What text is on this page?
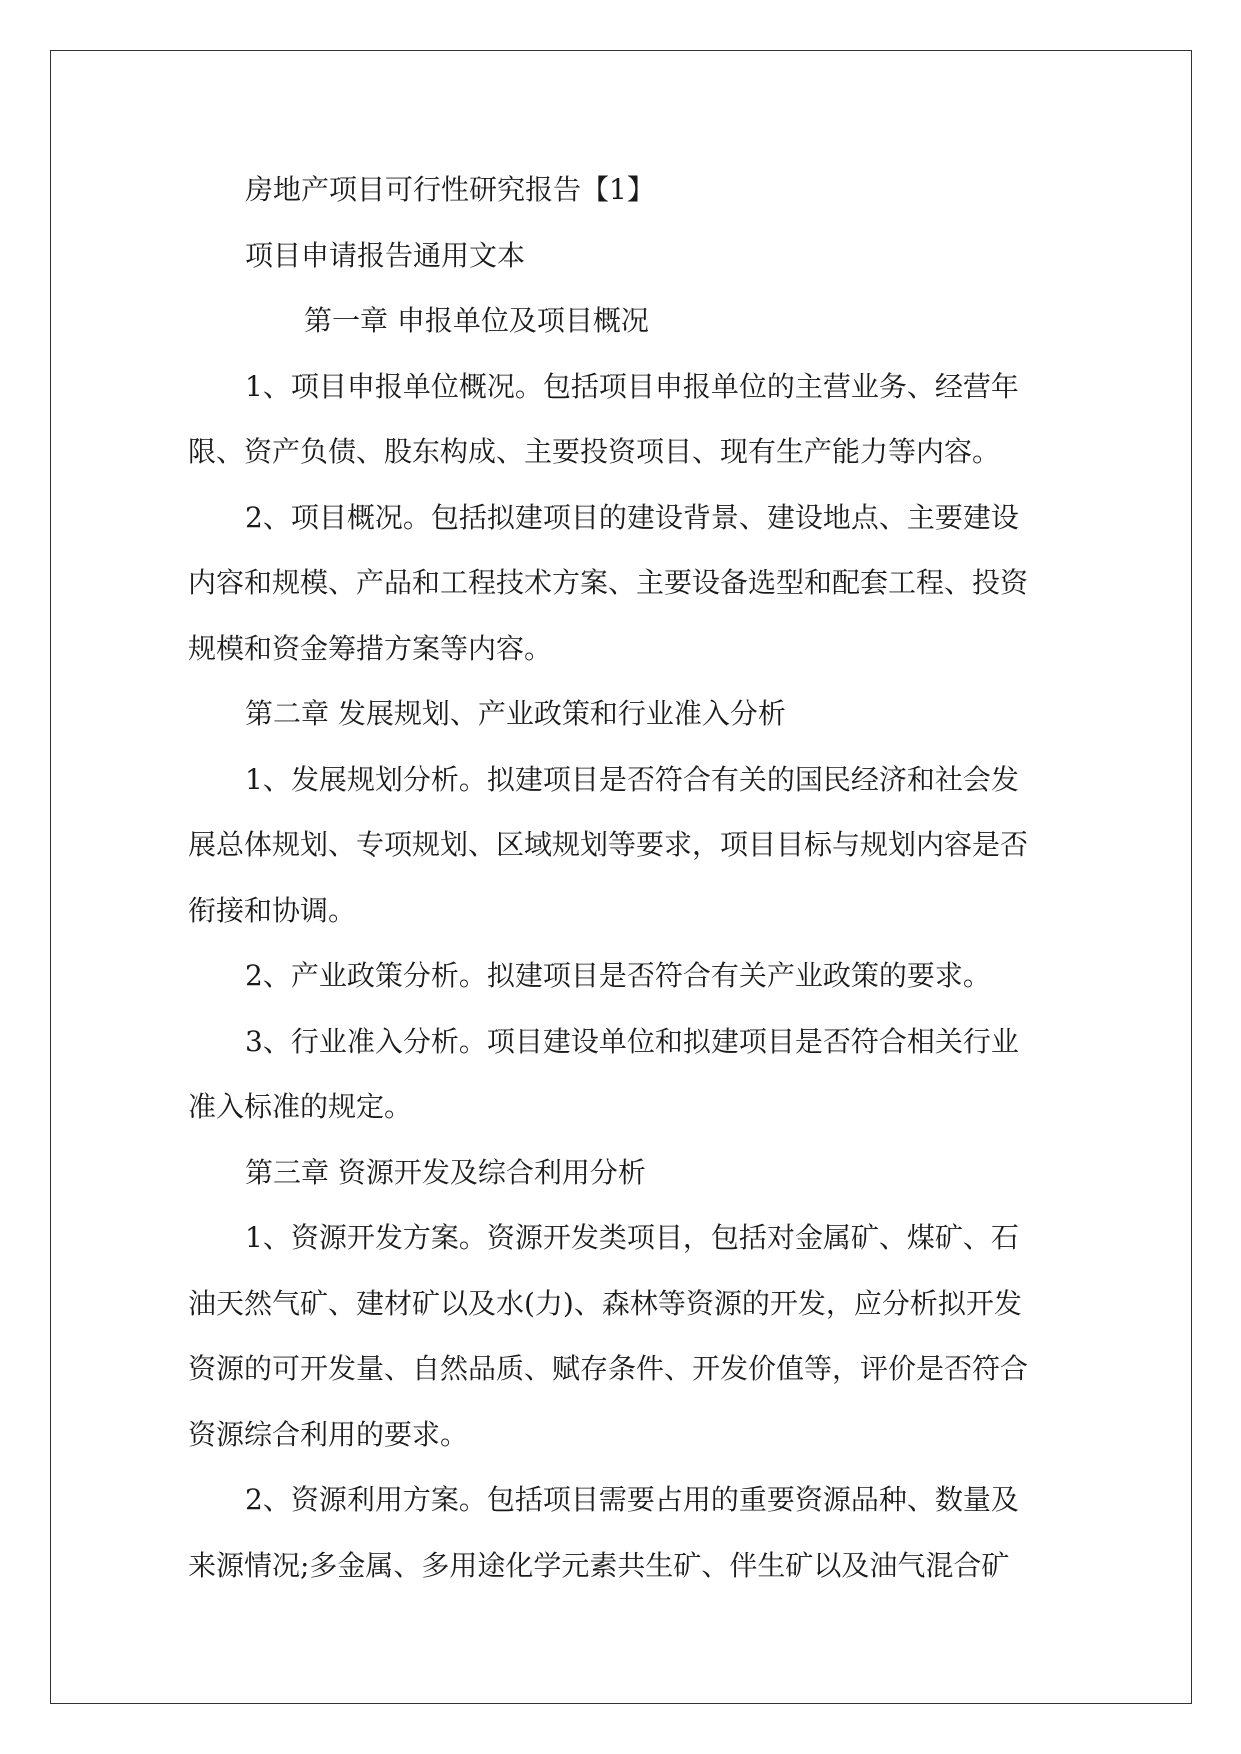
房地产项目可行性研究报告【1】
项目申请报告通用文本
第一章 申报单位及项目概况
1、项目申报单位概况。包括项目申报单位的主营业务、经营年
限、资产负债、股东构成、主要投资项目、现有生产能力等内容。
2、项目概况。包括拟建项目的建设背景、建设地点、主要建设
内容和规模、产品和工程技术方案、主要设备选型和配套工程、投资
规模和资金筹措方案等内容。
第二章 发展规划、产业政策和行业准入分析
1、发展规划分析。拟建项目是否符合有关的国民经济和社会发
展总体规划、专项规划、区域规划等要求，项目目标与规划内容是否
衔接和协调。
2、产业政策分析。拟建项目是否符合有关产业政策的要求。
3、行业准入分析。项目建设单位和拟建项目是否符合相关行业
准入标准的规定。
第三章 资源开发及综合利用分析
1、资源开发方案。资源开发类项目，包括对金属矿、煤矿、石
油天然气矿、建材矿以及水(力)、森林等资源的开发，应分析拟开发
资源的可开发量、自然品质、赋存条件、开发价值等，评价是否符合
资源综合利用的要求。
2、资源利用方案。包括项目需要占用的重要资源品种、数量及
来源情况;多金属、多用途化学元素共生矿、伴生矿以及油气混合矿
